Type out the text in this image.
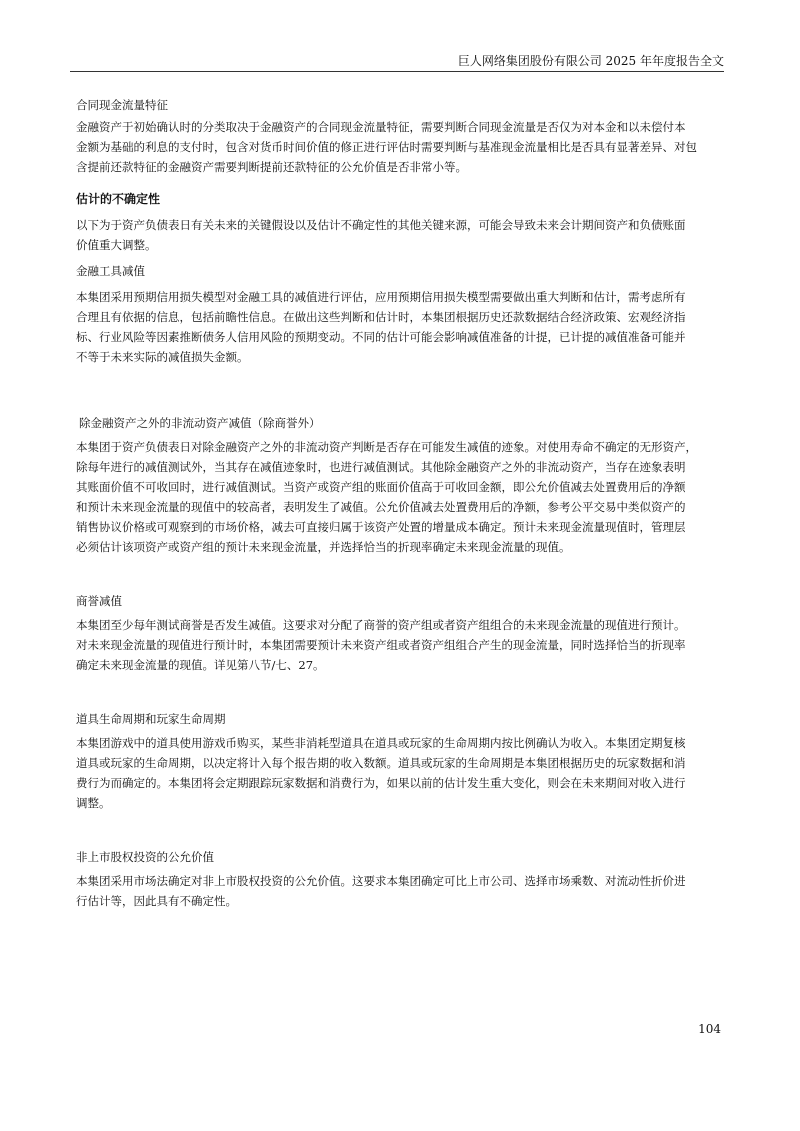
巨人网络集团股份有限公司 2025 年年度报告全文
合同现金流量特征

金融资产于初始确认时的分类取决于金融资产的合同现金流量特征，需要判断合同现金流量是否仅为对本金和以未偿付本

金额为基础的利息的支付时，包含对货币时间价值的修正进行评估时需要判断与基准现金流量相比是否具有显著差异、对包

含提前还款特征的金融资产需要判断提前还款特征的公允价值是否非常小等。

估计的不确定性

以下为于资产负债表日有关未来的关键假设以及估计不确定性的其他关键来源，可能会导致未来会计期间资产和负债账面

价值重大调整。

金融工具减值

本集团采用预期信用损失模型对金融工具的减值进行评估，应用预期信用损失模型需要做出重大判断和估计，需考虑所有

合理且有依据的信息，包括前瞻性信息。在做出这些判断和估计时，本集团根据历史还款数据结合经济政策、宏观经济指

标、行业风险等因素推断债务人信用风险的预期变动。不同的估计可能会影响减值准备的计提，已计提的减值准备可能并

不等于未来实际的减值损失金额。

除金融资产之外的非流动资产减值（除商誉外）

本集团于资产负债表日对除金融资产之外的非流动资产判断是否存在可能发生减值的迹象。对使用寿命不确定的无形资产，

除每年进行的减值测试外，当其存在减值迹象时，也进行减值测试。其他除金融资产之外的非流动资产，当存在迹象表明

其账面价值不可收回时，进行减值测试。当资产或资产组的账面价值高于可收回金额，即公允价值减去处置费用后的净额

和预计未来现金流量的现值中的较高者，表明发生了减值。公允价值减去处置费用后的净额，参考公平交易中类似资产的

销售协议价格或可观察到的市场价格，减去可直接归属于该资产处置的增量成本确定。预计未来现金流量现值时，管理层

必须估计该项资产或资产组的预计未来现金流量，并选择恰当的折现率确定未来现金流量的现值。

商誉减值

本集团至少每年测试商誉是否发生减值。这要求对分配了商誉的资产组或者资产组组合的未来现金流量的现值进行预计。

对未来现金流量的现值进行预计时，本集团需要预计未来资产组或者资产组组合产生的现金流量，同时选择恰当的折现率

确定未来现金流量的现值。详见第八节/七、27。

道具生命周期和玩家生命周期

本集团游戏中的道具使用游戏币购买，某些非消耗型道具在道具或玩家的生命周期内按比例确认为收入。本集团定期复核

道具或玩家的生命周期，以决定将计入每个报告期的收入数额。道具或玩家的生命周期是本集团根据历史的玩家数据和消

费行为而确定的。本集团将会定期跟踪玩家数据和消费行为，如果以前的估计发生重大变化，则会在未来期间对收入进行

调整。

非上市股权投资的公允价值

本集团采用市场法确定对非上市股权投资的公允价值。这要求本集团确定可比上市公司、选择市场乘数、对流动性折价进

行估计等，因此具有不确定性。

104
